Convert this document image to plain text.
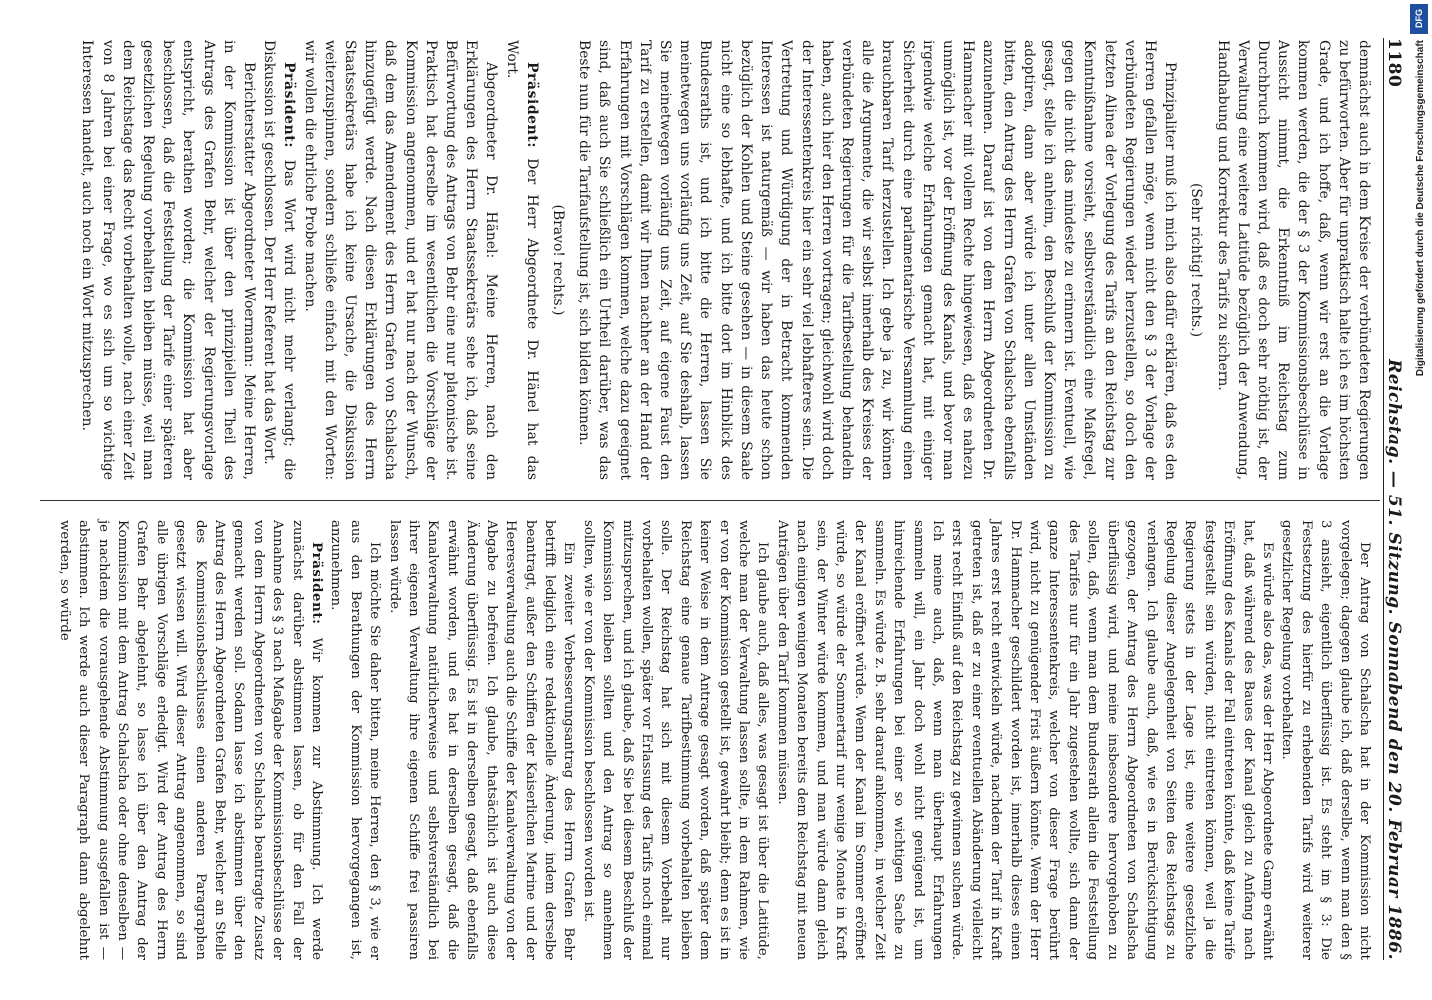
1180
Reichstag. — 51. Sitzung. Sonnabend den 20. Februar 1886.

demnächst auch in dem Kreise der verbündeten Regierungen zu befürworten. Aber für unpraktisch halte ich es im höchsten Grade, und ich hoffe, daß, wenn wir erst an die Vorlage kommen werden, die der § 3 der Kommissionsbeschlüsse in Aussicht nimmt, die Erkenntniß im Reichstag zum Durchbruch kommen wird, daß es doch sehr nöthig ist, der Verwaltung eine weitere Latitüde bezüglich der Anwendung, Handhabung und Korrektur des Tarifs zu sichern.

(Sehr richtig! rechts.)

Prinzipaliter muß ich mich also dafür erklären, daß es den Herren gefallen möge, wenn nicht den § 3 der Vorlage der verbündeten Regierungen wieder herzustellen, so doch den letzten Alinea der Vorlegung des Tarifs an den Reichstag zur Kenntnißnahme vorsieht, selbstverständlich eine Maßregel, gegen die nicht das mindeste zu erinnern ist. Eventuell, wie gesagt, stelle ich anheim, den Beschluß der Kommission zu adoptiren, dann aber würde ich unter allen Umständen bitten, den Antrag des Herrn Grafen von Schalscha ebenfalls anzunehmen. Darauf ist von dem Herrn Abgeordneten Dr. Hammacher mit vollem Rechte hingewiesen, daß es nahezu unmöglich ist, vor der Eröffnung des Kanals, und bevor man irgendwie welche Erfahrungen gemacht hat, mit einiger Sicherheit durch eine parlamentarische Versammlung einen brauchbaren Tarif herzustellen. Ich gebe ja zu, wir können alle die Argumente, die wir selbst innerhalb des Kreises der verbündeten Regierungen für die Tarifbestellung behandeln haben, auch hier den Herren vortragen; gleichwohl wird doch der Interessentenkreis hier ein sehr viel lebhafteres sein. Die Vertretung und Würdigung der in Betracht kommenden Interessen ist naturgemäß — wir haben das heute schon bezüglich der Kohlen und Steine gesehen — in diesem Saale nicht eine so lebhafte, und ich bitte dort im Hinblick des Bundesraths ist, und ich bitte die Herren, lassen Sie meinetwegen uns vorläufig uns Zeit, auf Sie deshalb, lassen Sie meinetwegen vorläufig uns Zeit, auf eigene Faust den Tarif zu erstellen, damit wir Ihnen nachher an der Hand der Erfahrungen mit Vorschlägen kommen, welche dazu geeignet sind, daß auch Sie schließlich ein Urtheil darüber, was das Beste nun für die Tarifaufstellung ist, sich bilden können.

(Bravo! rechts.)

Präsident: Der Herr Abgeordnete Dr. Hänel hat das Wort.

Abgeordneter Dr. Hänel: Meine Herren, nach den Erklärungen des Herrn Staatssekretärs sehe ich, daß seine Befürwortung des Antrags von Behr eine nur platonische ist. Praktisch hat derselbe im wesentlichen die Vorschläge der Kommission angenommen, und er hat nur nach der Wunsch, daß dem das Amendement des Herrn Grafen von Schalscha hinzugefügt werde. Nach diesen Erklärungen des Herrn Staatssekretärs habe ich keine Ursache, die Diskussion weiterzuspinnen, sondern schließe einfach mit den Worten: wir wollen die ehrliche Probe machen.

Präsident: Das Wort wird nicht mehr verlangt; die Diskussion ist geschlossen. Der Herr Referent hat das Wort.

Berichterstatter Abgeordneter Woermann: Meine Herren, in der Kommission ist über den prinzipiellen Theil des Antrags des Grafen Behr, welcher der Regierungsvorlage entspricht, berathen worden; die Kommission hat aber beschlossen, daß die Feststellung der Tarife einer späteren gesetzlichen Regelung vorbehalten bleiben müsse, weil man dem Reichstage das Recht vorbehalten wolle, nach einer Zeit von 8 Jahren bei einer Frage, wo es sich um so wichtige Interessen handelt, auch noch ein Wort mitzusprechen.

Der Antrag von Schalscha hat in der Kommission nicht vorgelegen; dagegen glaube ich, daß derselbe, wenn man den § 3 ansieht, eigentlich überflüssig ist. Es steht im § 3: Die Festsetzung des hierfür zu erhebenden Tarifs wird weiterer gesetzlicher Regelung vorbehalten.

Es würde also das, was der Herr Abgeordnete Gamp erwähnt hat, daß während des Baues der Kanal gleich zu Anfang nach Eröffnung des Kanals der Fall eintreten könnte, daß keine Tarife festgestellt sein würden, nicht eintreten können, weil ja die Regierung stets in der Lage ist, eine weitere gesetzliche Regelung dieser Angelegenheit von Seiten des Reichstags zu verlangen. Ich glaube auch, daß, wie es in Berücksichtigung gezogen, der Antrag des Herrn Abgeordneten von Schalscha überflüssig wird, und meine insbesondere hervorgehoben zu sollen, daß, wenn man dem Bundesrath allein die Feststellung des Tarifes nur für ein Jahr zugestehen wollte, sich dann der ganze Interessentenkreis, welcher von dieser Frage berührt wird, nicht zu genügender Frist äußern könnte. Wenn der Herr Dr. Hammacher geschildert worden ist, innerhalb dieses einen Jahres erst recht entwickeln würde, nachdem der Tarif in Kraft getreten ist, daß er zu einer eventuellen Abänderung vielleicht erst recht Einfluß auf den Reichstag zu gewinnen suchen würde. Ich meine auch, daß, wenn man überhaupt Erfahrungen sammeln will, ein Jahr doch wohl nicht genügend ist, um hinreichende Erfahrungen bei einer so wichtigen Sache zu sammeln. Es würde z. B. sehr darauf ankommen, in welcher Zeit der Kanal eröffnet würde. Wenn der Kanal im Sommer eröffnet würde, so würde der Sommertarif nur wenige Monate in Kraft sein, der Winter würde kommen, und man würde dann gleich nach einigen wenigen Monaten bereits dem Reichstag mit neuen Anträgen über den Tarif kommen müssen.

Ich glaube auch, daß alles, was gesagt ist über die Latitüde, welche man der Verwaltung lassen sollte, in dem Rahmen, wie er von der Kommission gestellt ist, gewahrt bleibt; denn es ist in keiner Weise in dem Antrage gesagt worden, daß später dem Reichstag eine genaue Tarifbestimmung vorbehalten bleiben solle. Der Reichstag hat sich mit diesem Vorbehalt nur vorbehalten wollen, später vor Erlassung des Tarifs noch einmal mitzusprechen, und ich glaube, daß Sie bei diesem Beschluß der Kommission bleiben sollten und den Antrag so annehmen sollten, wie er von der Kommission beschlossen worden ist.

Ein zweiter Verbesserungsantrag des Herrn Grafen Behr betrifft lediglich eine redaktionelle Änderung, indem derselbe beantragt, außer den Schiffen der Kaiserlichen Marine und der Heeresverwaltung auch die Schiffe der Kanalverwaltung von der Abgabe zu befreien. Ich glaube, thatsächlich ist auch diese Änderung überflüssig. Es ist in derselben gesagt, daß ebenfalls erwähnt worden, und es hat in derselben gesagt, daß die Kanalverwaltung natürlicherweise und selbstverständlich bei ihrer eigenen Verwaltung ihre eigenen Schiffe frei passiren lassen würde.

Ich möchte Sie daher bitten, meine Herren, den § 3, wie er aus den Berathungen der Kommission hervorgegangen ist, anzunehmen.

Präsident: Wir kommen zur Abstimmung. Ich werde zunächst darüber abstimmen lassen, ob für den Fall der Annahme des § 3 nach Maßgabe der Kommissionsbeschlüsse der von dem Herrn Abgeordneten von Schalscha beantragte Zusatz gemacht werden soll. Sodann lasse ich abstimmen über den Antrag des Herrn Abgeordneten Grafen Behr, welcher an Stelle des Kommissionsbeschlusses einen anderen Paragraphen gesetzt wissen will. Wird dieser Antrag angenommen, so sind alle übrigen Vorschläge erledigt. Wird der Antrag des Herrn Grafen Behr abgelehnt, so lasse ich über den Antrag der Kommission mit dem Antrag Schalscha oder ohne denselben — je nachdem die vorausgehende Abstimmung ausgefallen ist — abstimmen. Ich werde auch dieser Paragraph dann abgelehnt werden, so würde

DFG
Digitalisierung gefördert durch die Deutsche Forschungsgemeinschaft
